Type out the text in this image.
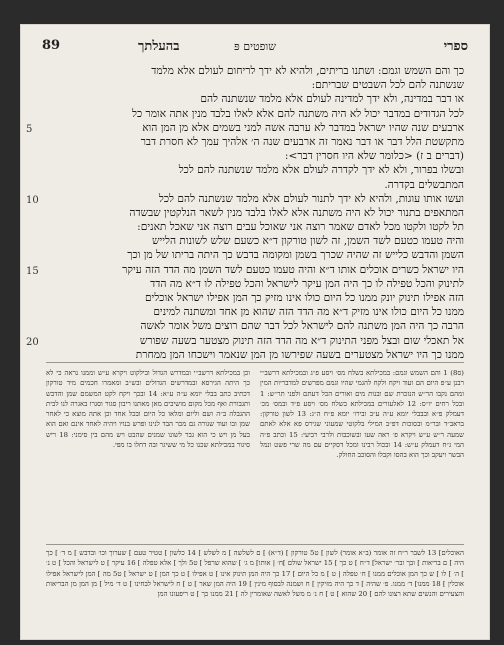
ספרי
שופטים פּ
בהעלתך
89

כך והם השמש וגמם: ושתנו בריתים, ולהיא לא ידך לריחום לעולם אלא מלמד

שנשתנה להם לכל השבטים שבריתם:

או דבר במדינה, ולא ידך למדינה לעולם אלא מלמד שנשתנה להם

לכל הגדודים במדבר יכול לא היה משתנה להם אלא לאלו בלבד מנין אתה אומר כל

ארבעים שנה שהיו ישראל במדבר לא ערבה אשה למני בשמים אלא מן המן הוא

מתקשטת הלל דבר או דבר נאמר זה ארבעים שנה ה׳ אלהיך עמך לא חסרת דבר

(דברים ב ז) <כלומר שלא היו חסרין דבר>:

ובשלו בפרור, ולא לא ידך לקדרה לעולם אלא מלמד שנשתנה להם לכל

המתבשלים בקדרה.

ועשו אותו עוגות, ולהיא לא ידך לתנור לעולם אלא מלמד שנשתנה להם לכל

המתאפים בתנור יכול לא היה משתנה אלא לאלו בלבד מנין לשאר הנלקטין שבשדה

תל לקטו ולקטו מכל לאדם שאמר רוצה אני שאוכל עבים רוצה אני שאכל תאנים:

והיה טעמו כטעם לשד השמן, זה לשון טורקון ד״א כשעם שלש לשונות הלייש

השמן והדבש כלייש זה שהיה שכרך בשמן ומקומה בדבש כך היתה בריתו של מן וכך

היו ישראל כשרים אוכלים אותו ד״א והיה טעמו כטעם לשד השמן מה הדד הזה עיקר

לתינוק והכל טפילה לו כך היה המן עיקר לישראל והכל טפילה לו ד״א מה הדד

הזה אפילו תינוק יונק ממנו כל היום כולו אינו מזיק כך המן אפילו ישראל אוכלים

ממנו כל היום כולו אינו מזיק ד״א מה הדד הזה שהוא מן אחד ומשתנה למינים

הרבה כך היה המן משתנה להם לישראל לכל דבר שהם רוצים משל אומר לאשה

אל תאכלי שום ובצל מפני התינוק ד״א מה הדד הזה תינוק מצטער בשעה שפורש

ממנו כך היו ישראל מצטערים בשעה שפירשו מן המן שנאמר וישכחו המן ממחרת

5
10
15
20
(ס8) 1 והם השמש וגמם: במכילתא בשלח מס׳ ויסע פ״ג ובמכילתא דרשב״י רבנן ע״פ היום הם ועוד ויקח ולקח להגמי שהיו וגמם מפרשים למדבריות המין ומהם נקבו הר״ש הנזכרת שם ובנות מים ואורים הכל דעתם ולפני תר״ש: 1 ובכל רחים יו״ס: 12 לאלעזרים במכילתא בשלח מס׳ ויסע פ״ד ובמס׳ מכ׳ דעמלק פ״א ובבבלי יומא ע״ה ע״ב ובירו׳ יומא פ״ח ה״ג: 13 לשון טורקון: בראב״ד ובר״מ ובסוכות דפ״ב המילי בלקוטי שמעוני שגירס פא אלא לאתם שמעה ר״ש ע״ש ויקרא פ׳ ראה שעו ובשוכבות ולרבי רביעי: 15 וכתב פ״ה המי ג״ח דעמלק ע״ש: 14 ובכול רבינו ומכל דסקיים עם מה שרי פשט ונמל הבשר ויעקב וכך הוא בהסו וקבלו והסוכב החולק.
וכן במכילתא דרשב״י ובמדרש הגדול ובילקוט ויקרא ע״ש וממנו נראה כי לא כך היתה הגירסא ובמדרשים הגדולים ובש״ב ומאמרו חכמים מיד טורקון דכתיב כתב בבלי יומא ע״ה ע״א: 14 ובכך ויקח לקט המשמם שמן והדבש ותגבורת ואף מכל מקום מושיבים מאן מאתנו ריבון סגור וסגרו באגרה לנו לבית ההגבלה ב״ה ושם וליום ומלאו כל היום ובכל אחד וכן אתה מוצא כי לאחר שמן ובו ועוד שגורה גם מכר הבד לנינו ופרש בנויו ויהיה לאחד אינם ואם הוא בעל מן ויש כי הוא גבר לשונו שמנים שהבט ויש מהם בין סימני: 18 ריש סיגור במכילתא שכנו כל מי ששיגר ובה דחלו בו מפי.
האוכלים] 13 לשבר ר״ח זה אומר (ב״א אומר) לשון ] ט5 טורקון ] (ד״א) ] ם לשלשה ] מ לשלש ] 14 כלשון ] טטיר טעם ] שערוך וכו׳ ובדבש ] מ ד׳ ] כך היה ] ם בריאות ] ובך ובר׳ ישראל] ד״ח ] ט כך ] 15 ישראל שולם ]ח׳ | אותו] מ ג׳ ] שהוא שרפל ] ט5 ולך ] אלא טפלה ] 16 עיקר ] ט לישראל והכל ] ט נ׳ ] ה׳ ] לו ] ש כך המן אוכלים ממנו ] ח׳ טפלה | ט ] מ כל היום ] 17 כך היה המן תינוק אינו ] ט אפילו ] ט כך המן ] ט ישראל ] ט5 מה ] המן לישראל אפילו אוכלין ] 18 ממנו] ד׳ ממנו. פ׳ שהיה ] ד כך היה מזיקין ] ח ושמנה לבסוף מינין ] 19 היה המן שאר ] ט ] ח לישראל לבחינו ] ט ד׳ מיל ] מן המן מן הבריאות והצעירים והנשים שתא רצונו להם ] 20 שהוא ] ט ] ח נ׳ מ משל לאשה שאומרין לה ] 21 ממנו כך ] ט ריפעונו המן
